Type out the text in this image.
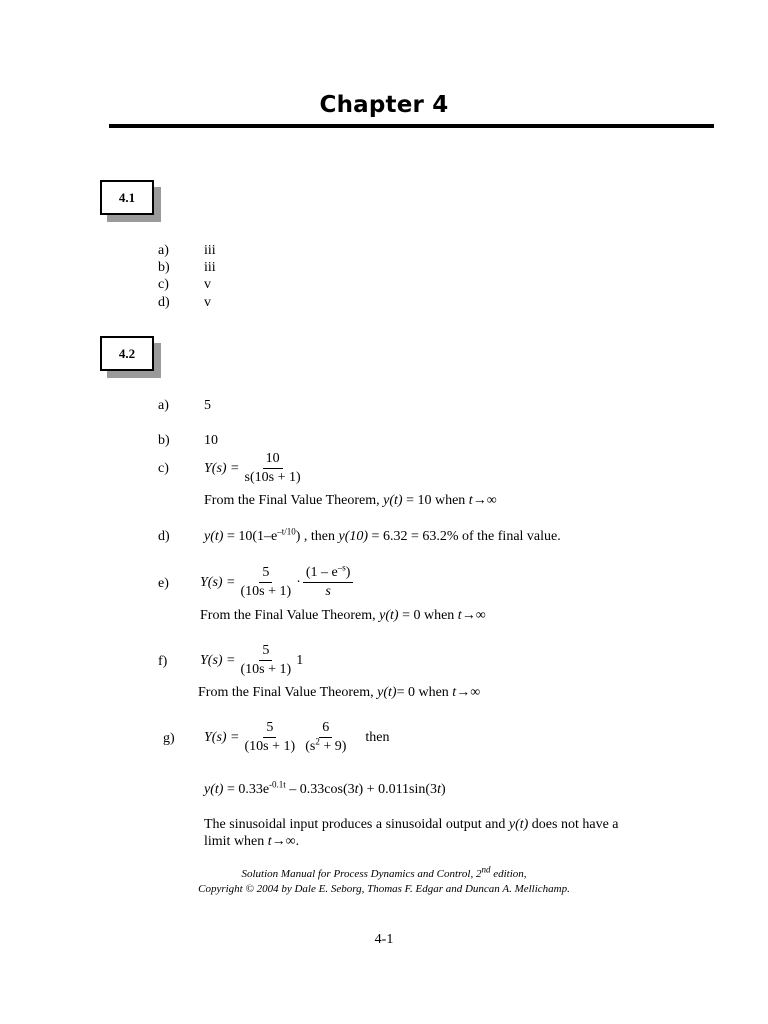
Chapter 4
4.1
a)	iii
b) iii
c)	v
d) v
4.2
a)	5
b) 10
c)	$Y(s) = \frac{10}{s(10s + 1)}$
From the Final Value Theorem, y(t) = 10 when t→∞
d) $y(t) = 10(1-e^{-t/10})$ , then y(10) = 6.32 = 63.2% of the final value.
e) $Y(s) = \frac{5}{(10s + 1)} \cdot \frac{(1 - e^{-s})}{s}$
From the Final Value Theorem, y(t) = 0 when t→∞
f) $Y(s) = \frac{5}{(10s + 1)} 1$
From the Final Value Theorem, y(t)= 0 when t→∞
g) $Y(s) = \frac{5}{(10s + 1)} \frac{6}{(s^2 + 9)}$ then
$y(t) = 0.33e^{-0.1t} - 0.33\cos(3t) + 0.011\sin(3t)$
The sinusoidal input produces a sinusoidal output and y(t) does not have a
limit when t→∞.
Solution Manual for Process Dynamics and Control, 2nd edition,
Copyright © 2004 by Dale E. Seborg, Thomas F. Edgar and Duncan A. Mellichamp.
4-1
